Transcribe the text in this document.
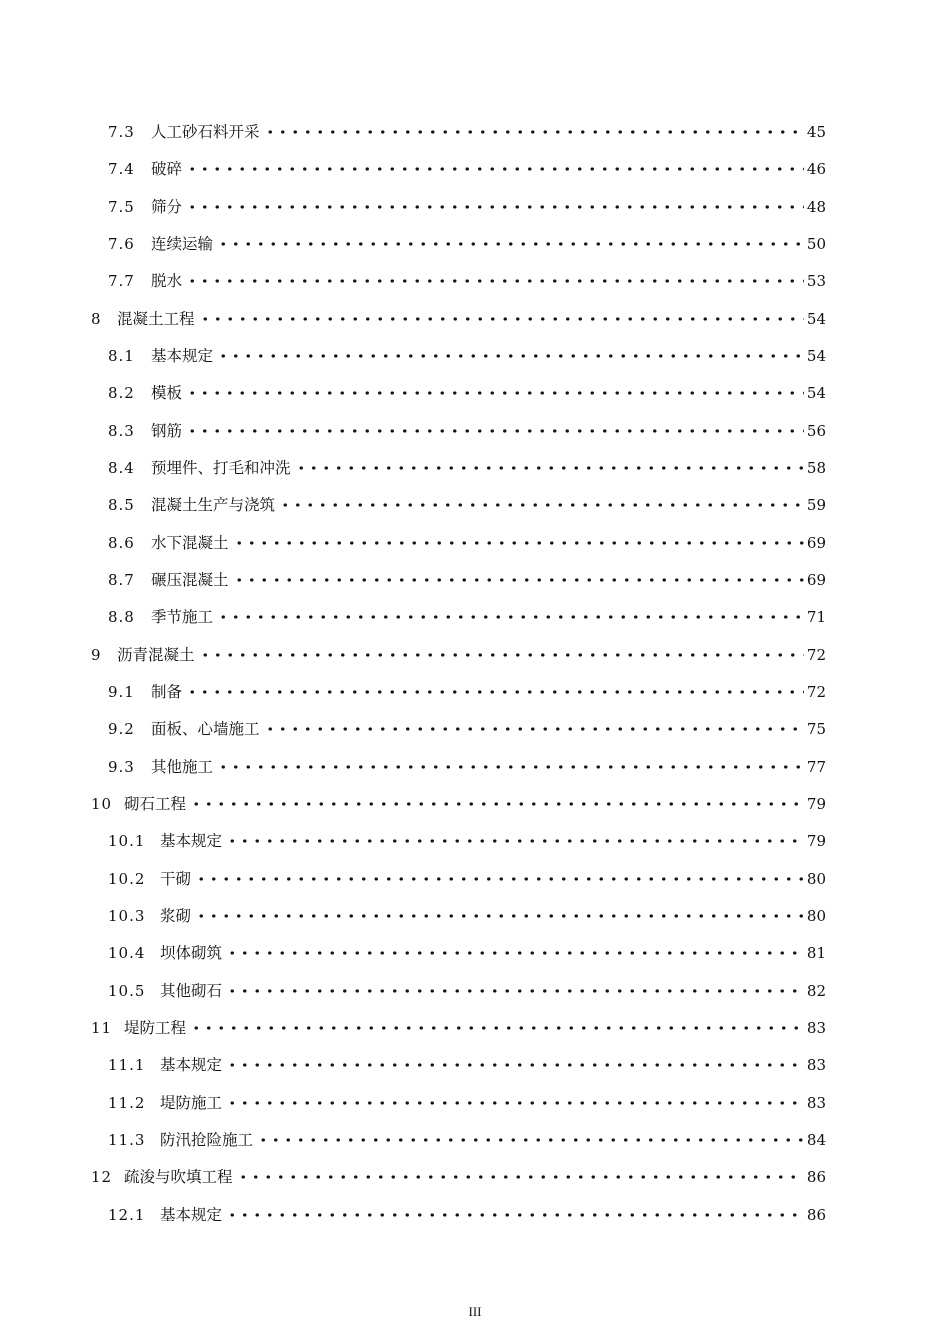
7.3 人工砂石料开采	45
7.4 破碎	46
7.5 筛分	48
7.6 连续运输	50
7.7 脱水	53
8 混凝土工程	54
8.1 基本规定	54
8.2 模板	54
8.3 钢筋	56
8.4 预埋件、打毛和冲洗	58
8.5 混凝土生产与浇筑	59
8.6 水下混凝土	69
8.7 碾压混凝土	69
8.8 季节施工	71
9 沥青混凝土	72
9.1 制备	72
9.2 面板、心墙施工	75
9.3 其他施工	77
10 砌石工程	79
10.1 基本规定	79
10.2 干砌	80
10.3 浆砌	80
10.4 坝体砌筑	81
10.5 其他砌石	82
11 堤防工程	83
11.1 基本规定	83
11.2 堤防施工	83
11.3 防汛抢险施工	84
12 疏浚与吹填工程	86
12.1 基本规定	86
III
